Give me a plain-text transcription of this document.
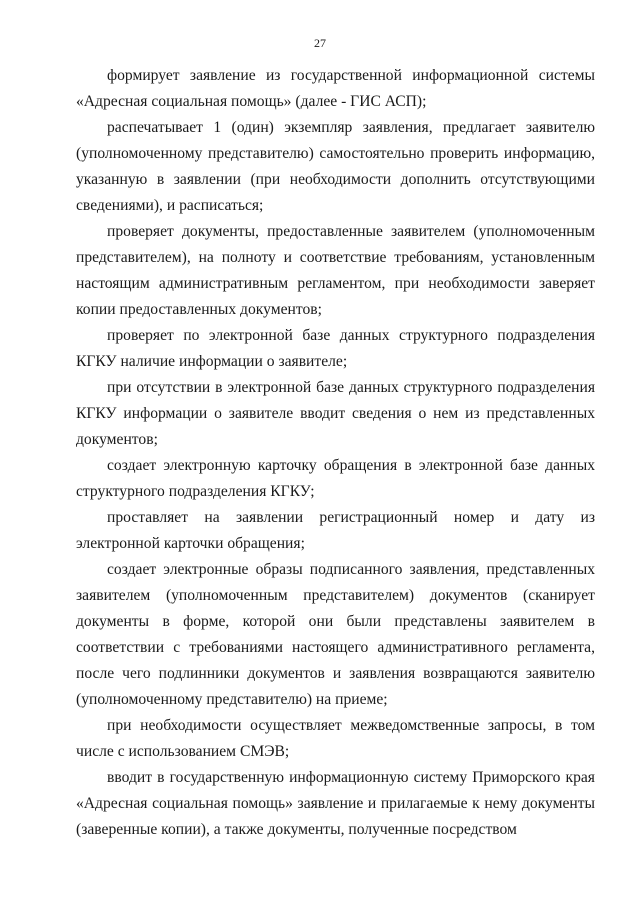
27

формирует заявление из государственной информационной системы «Адресная социальная помощь» (далее - ГИС АСП);

распечатывает 1 (один) экземпляр заявления, предлагает заявителю (уполномоченному представителю) самостоятельно проверить информацию, указанную в заявлении (при необходимости дополнить отсутствующими сведениями), и расписаться;

проверяет документы, предоставленные заявителем (уполномоченным представителем), на полноту и соответствие требованиям, установленным настоящим административным регламентом, при необходимости заверяет копии предоставленных документов;

проверяет по электронной базе данных структурного подразделения КГКУ наличие информации о заявителе;

при отсутствии в электронной базе данных структурного подразделения КГКУ информации о заявителе вводит сведения о нем из представленных документов;

создает электронную карточку обращения в электронной базе данных структурного подразделения КГКУ;

проставляет на заявлении регистрационный номер и дату из электронной карточки обращения;

создает электронные образы подписанного заявления, представленных заявителем (уполномоченным представителем) документов (сканирует документы в форме, которой они были представлены заявителем в соответствии с требованиями настоящего административного регламента, после чего подлинники документов и заявления возвращаются заявителю (уполномоченному представителю) на приеме;

при необходимости осуществляет межведомственные запросы, в том числе с использованием СМЭВ;

вводит в государственную информационную систему Приморского края «Адресная социальная помощь» заявление и прилагаемые к нему документы (заверенные копии), а также документы, полученные посредством
